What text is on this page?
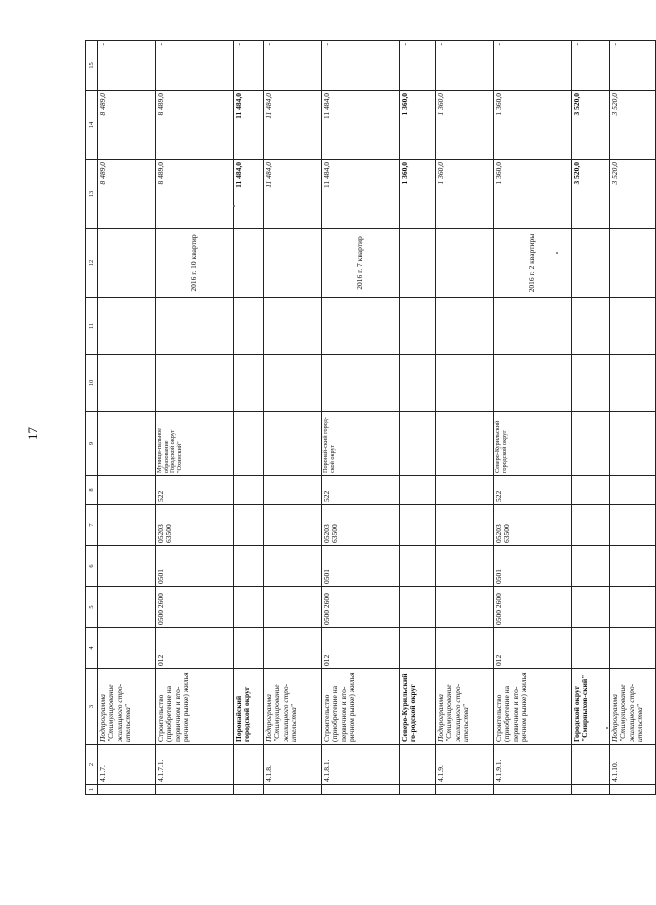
17
1	2	3	4	5	6	7	8	9	10	11	12	13	14	15
	4.1.7.	Подпрограмма "Стимулирование жилищного стро-ительства"										8 489,0	8 489,0	-
	4.1.7.1.	Строительство (приобретение на первичном и вто-ричном рынке) жилья	012	0500 2600	0501	05203 63500	522	Муници-пальное образование Городской округ "Охинский"			2016 г. 10 квартир	8 489,0	8 489,0	-
		Поронайский городской округ										11 484,0	11 484,0	-
	4.1.8.	Подпрограмма "Стимулирование жилищного стро-ительства"										11 484,0	11 484,0	-
	4.1.8.1.	Строительство (приобретение на первичном и вто-ричном рынке) жилья	012	0500 2600	0501	05203 63500	522	Поронай-ский город-ской округ			2016 г. 7 квартир	11 484,0	11 484,0	-
		Северо-Курильский го-родской округ										1 360,0	1 360,0	-
	4.1.9.	Подпрограмма "Стимулирование жилищного стро-ительства"										1 360,0	1 360,0	-
	4.1.9.1.	Строительство (приобретение на первичном и вто-ричном рынке) жилья	012	0500 2600	0501	05203 63500	522	Северо-Курильский городской округ			2016 г. 2 квартиры	1 360,0	1 360,0	-
		Городской округ "Смирныхов-ский"										3 520,0	3 520,0	-
	4.1.10.	Подпрограмма "Стимулирование жилищного стро-ительства"										3 520,0	3 520,0	-
